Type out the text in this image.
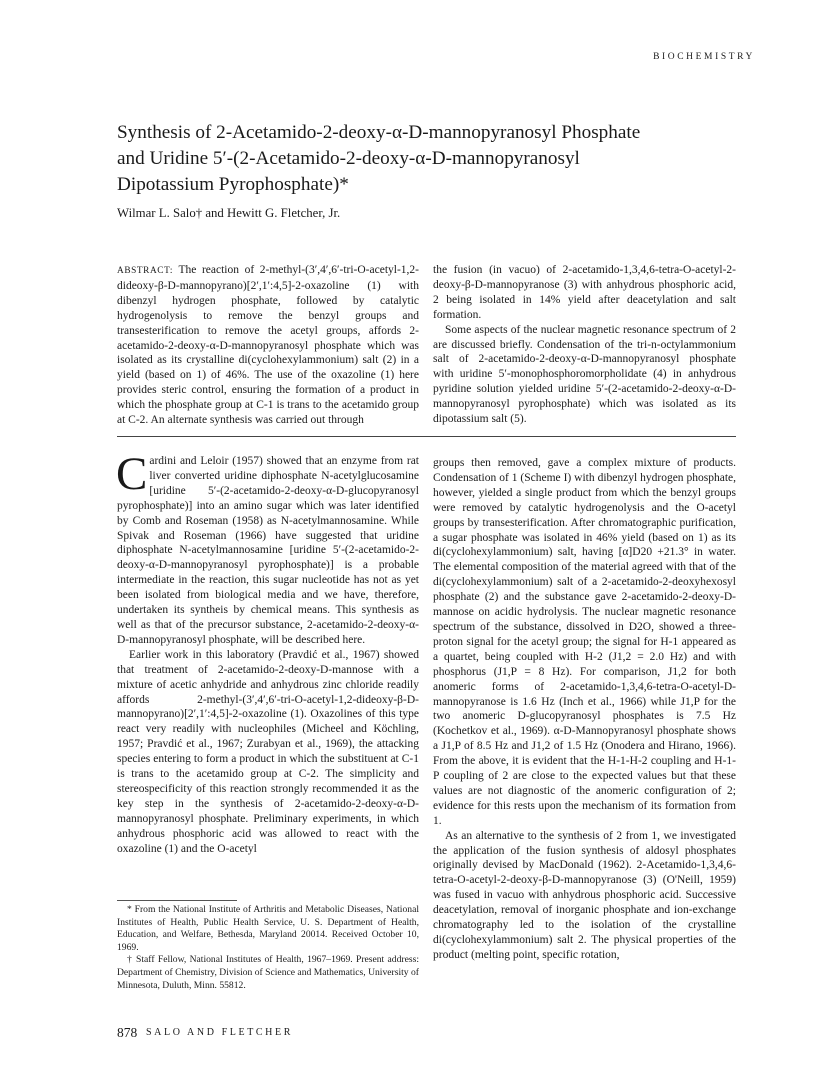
BIOCHEMISTRY
Synthesis of 2-Acetamido-2-deoxy-α-D-mannopyranosyl Phosphate
and Uridine 5′-(2-Acetamido-2-deoxy-α-D-mannopyranosyl
Dipotassium Pyrophosphate)*
Wilmar L. Salo† and Hewitt G. Fletcher, Jr.

ABSTRACT: The reaction of 2-methyl-(3′,4′,6′-tri-O-acetyl-1,2-dideoxy-β-D-mannopyrano)[2′,1′:4,5]-2-oxazoline (1) with dibenzyl hydrogen phosphate, followed by catalytic hydrogenolysis to remove the benzyl groups and transesterification to remove the acetyl groups, affords 2-acetamido-2-deoxy-α-D-mannopyranosyl phosphate which was isolated as its crystalline di(cyclohexylammonium) salt (2) in a yield (based on 1) of 46%. The use of the oxazoline (1) here provides steric control, ensuring the formation of a product in which the phosphate group at C-1 is trans to the acetamido group at C-2. An alternate synthesis was carried out through

the fusion (in vacuo) of 2-acetamido-1,3,4,6-tetra-O-acetyl-2-deoxy-β-D-mannopyranose (3) with anhydrous phosphoric acid, 2 being isolated in 14% yield after deacetylation and salt formation.

Some aspects of the nuclear magnetic resonance spectrum of 2 are discussed briefly. Condensation of the tri-n-octylammonium salt of 2-acetamido-2-deoxy-α-D-mannopyranosyl phosphate with uridine 5′-monophosphoromorpholidate (4) in anhydrous pyridine solution yielded uridine 5′-(2-acetamido-2-deoxy-α-D-mannopyranosyl pyrophosphate) which was isolated as its dipotassium salt (5).

Cardini and Leloir (1957) showed that an enzyme from rat liver converted uridine diphosphate N-acetylglucosamine [uridine 5′-(2-acetamido-2-deoxy-α-D-glucopyranosyl pyrophosphate)] into an amino sugar which was later identified by Comb and Roseman (1958) as N-acetylmannosamine. While Spivak and Roseman (1966) have suggested that uridine diphosphate N-acetylmannosamine [uridine 5′-(2-acetamido-2-deoxy-α-D-mannopyranosyl pyrophosphate)] is a probable intermediate in the reaction, this sugar nucleotide has not as yet been isolated from biological media and we have, therefore, undertaken its syntheis by chemical means. This synthesis as well as that of the precursor substance, 2-acetamido-2-deoxy-α-D-mannopyranosyl phosphate, will be described here.

Earlier work in this laboratory (Pravdić et al., 1967) showed that treatment of 2-acetamido-2-deoxy-D-mannose with a mixture of acetic anhydride and anhydrous zinc chloride readily affords 2-methyl-(3′,4′,6′-tri-O-acetyl-1,2-dideoxy-β-D-mannopyrano)[2′,1′:4,5]-2-oxazoline (1). Oxazolines of this type react very readily with nucleophiles (Micheel and Köchling, 1957; Pravdić et al., 1967; Zurabyan et al., 1969), the attacking species entering to form a product in which the substituent at C-1 is trans to the acetamido group at C-2. The simplicity and stereospecificity of this reaction strongly recommended it as the key step in the synthesis of 2-acetamido-2-deoxy-α-D-mannopyranosyl phosphate. Preliminary experiments, in which anhydrous phosphoric acid was allowed to react with the oxazoline (1) and the O-acetyl

groups then removed, gave a complex mixture of products. Condensation of 1 (Scheme I) with dibenzyl hydrogen phosphate, however, yielded a single product from which the benzyl groups were removed by catalytic hydrogenolysis and the O-acetyl groups by transesterification. After chromatographic purification, a sugar phosphate was isolated in 46% yield (based on 1) as its di(cyclohexylammonium) salt, having [α]D20 +21.3° in water. The elemental composition of the material agreed with that of the di(cyclohexylammonium) salt of a 2-acetamido-2-deoxyhexosyl phosphate (2) and the substance gave 2-acetamido-2-deoxy-D-mannose on acidic hydrolysis. The nuclear magnetic resonance spectrum of the substance, dissolved in D2O, showed a three-proton signal for the acetyl group; the signal for H-1 appeared as a quartet, being coupled with H-2 (J1,2 = 2.0 Hz) and with phosphorus (J1,P = 8 Hz). For comparison, J1,2 for both anomeric forms of 2-acetamido-1,3,4,6-tetra-O-acetyl-D-mannopyranose is 1.6 Hz (Inch et al., 1966) while J1,P for the two anomeric D-glucopyranosyl phosphates is 7.5 Hz (Kochetkov et al., 1969). α-D-Mannopyranosyl phosphate shows a J1,P of 8.5 Hz and J1,2 of 1.5 Hz (Onodera and Hirano, 1966). From the above, it is evident that the H-1-H-2 coupling and H-1-P coupling of 2 are close to the expected values but that these values are not diagnostic of the anomeric configuration of 2; evidence for this rests upon the mechanism of its formation from 1.

As an alternative to the synthesis of 2 from 1, we investigated the application of the fusion synthesis of aldosyl phosphates originally devised by MacDonald (1962). 2-Acetamido-1,3,4,6-tetra-O-acetyl-2-deoxy-β-D-mannopyranose (3) (O'Neill, 1959) was fused in vacuo with anhydrous phosphoric acid. Successive deacetylation, removal of inorganic phosphate and ion-exchange chromatography led to the isolation of the crystalline di(cyclohexylammonium) salt 2. The physical properties of the product (melting point, specific rotation,

* From the National Institute of Arthritis and Metabolic Diseases, National Institutes of Health, Public Health Service, U. S. Department of Health, Education, and Welfare, Bethesda, Maryland 20014. Received October 10, 1969.

† Staff Fellow, National Institutes of Health, 1967–1969. Present address: Department of Chemistry, Division of Science and Mathematics, University of Minnesota, Duluth, Minn. 55812.

878 SALO AND FLETCHER
